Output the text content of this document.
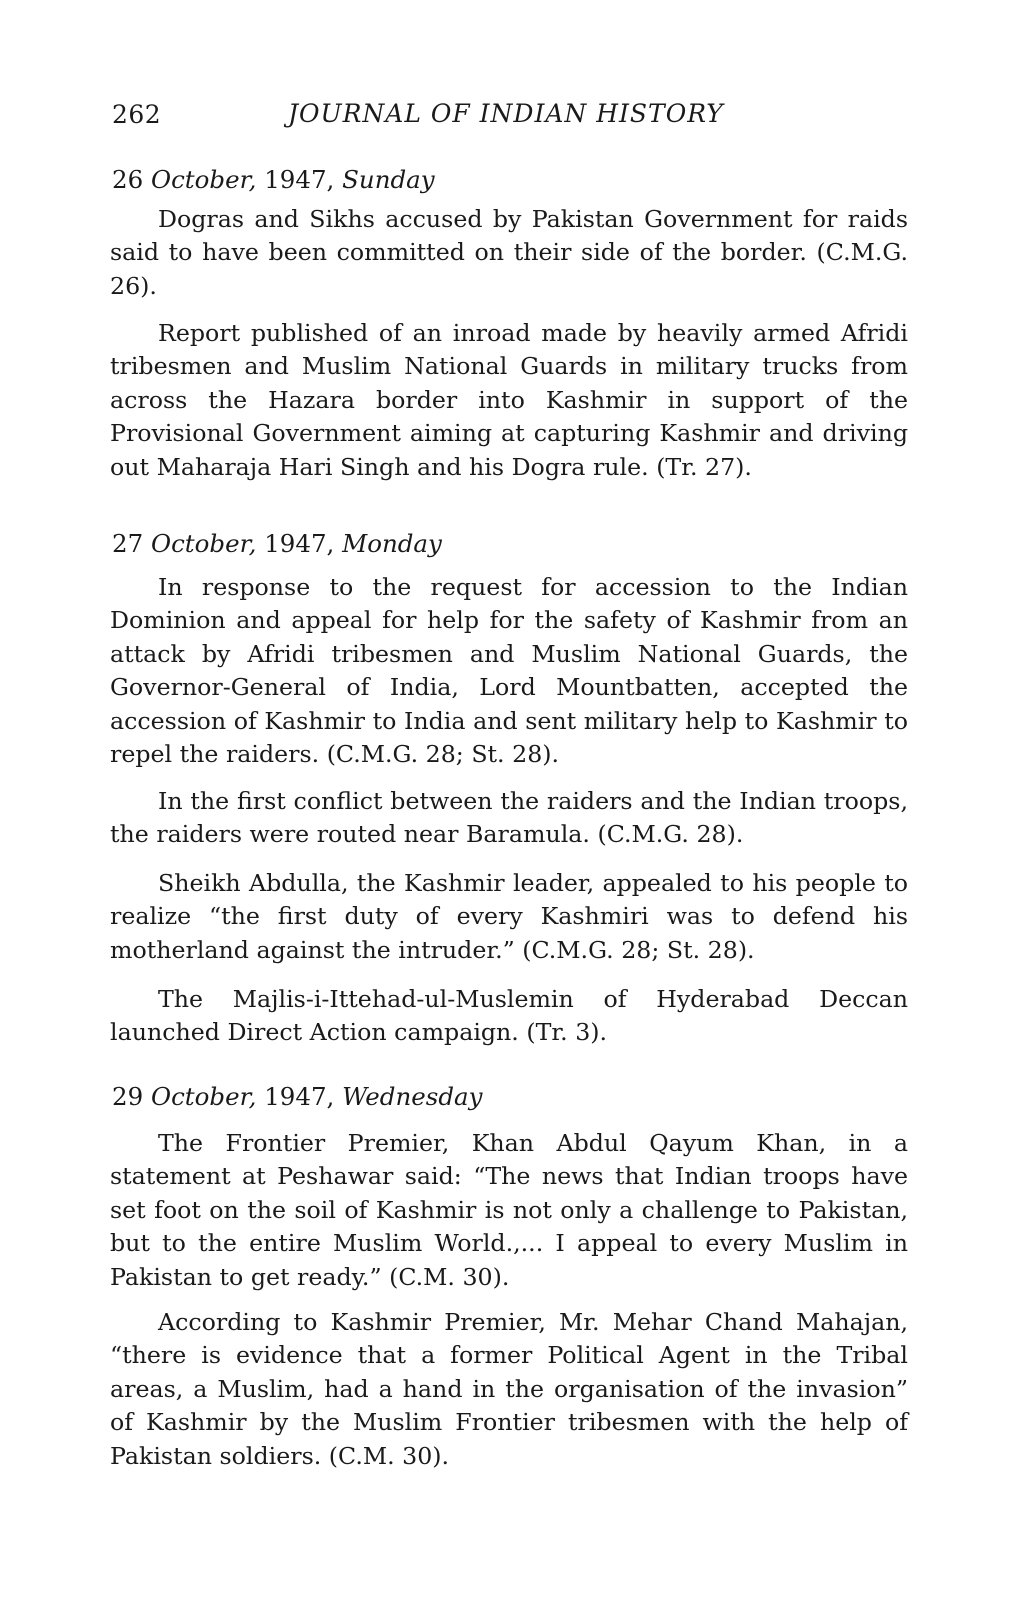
262	JOURNAL OF INDIAN HISTORY
26 October, 1947, Sunday

Dogras and Sikhs accused by Pakistan Government for raids said to have been committed on their side of the border. (C.M.G. 26).

Report published of an inroad made by heavily armed Afridi tribesmen and Muslim National Guards in military trucks from across the Hazara border into Kashmir in support of the Provisional Government aiming at capturing Kashmir and driving out Maharaja Hari Singh and his Dogra rule. (Tr. 27).

27 October, 1947, Monday

In response to the request for accession to the Indian Dominion and appeal for help for the safety of Kashmir from an attack by Afridi tribesmen and Muslim National Guards, the Governor-General of India, Lord Mountbatten, accepted the accession of Kashmir to India and sent military help to Kashmir to repel the raiders. (C.M.G. 28; St. 28).

In the first conflict between the raiders and the Indian troops, the raiders were routed near Baramula. (C.M.G. 28).

Sheikh Abdulla, the Kashmir leader, appealed to his people to realize “the first duty of every Kashmiri was to defend his motherland against the intruder.” (C.M.G. 28; St. 28).

The Majlis-i-Ittehad-ul-Muslemin of Hyderabad Deccan launched Direct Action campaign. (Tr. 3).

29 October, 1947, Wednesday

The Frontier Premier, Khan Abdul Qayum Khan, in a statement at Peshawar said: “The news that Indian troops have set foot on the soil of Kashmir is not only a challenge to Pakistan, but to the entire Muslim World.,... I appeal to every Muslim in Pakistan to get ready.” (C.M. 30).

According to Kashmir Premier, Mr. Mehar Chand Mahajan, “there is evidence that a former Political Agent in the Tribal areas, a Muslim, had a hand in the organisation of the invasion” of Kashmir by the Muslim Frontier tribesmen with the help of Pakistan soldiers. (C.M. 30).
